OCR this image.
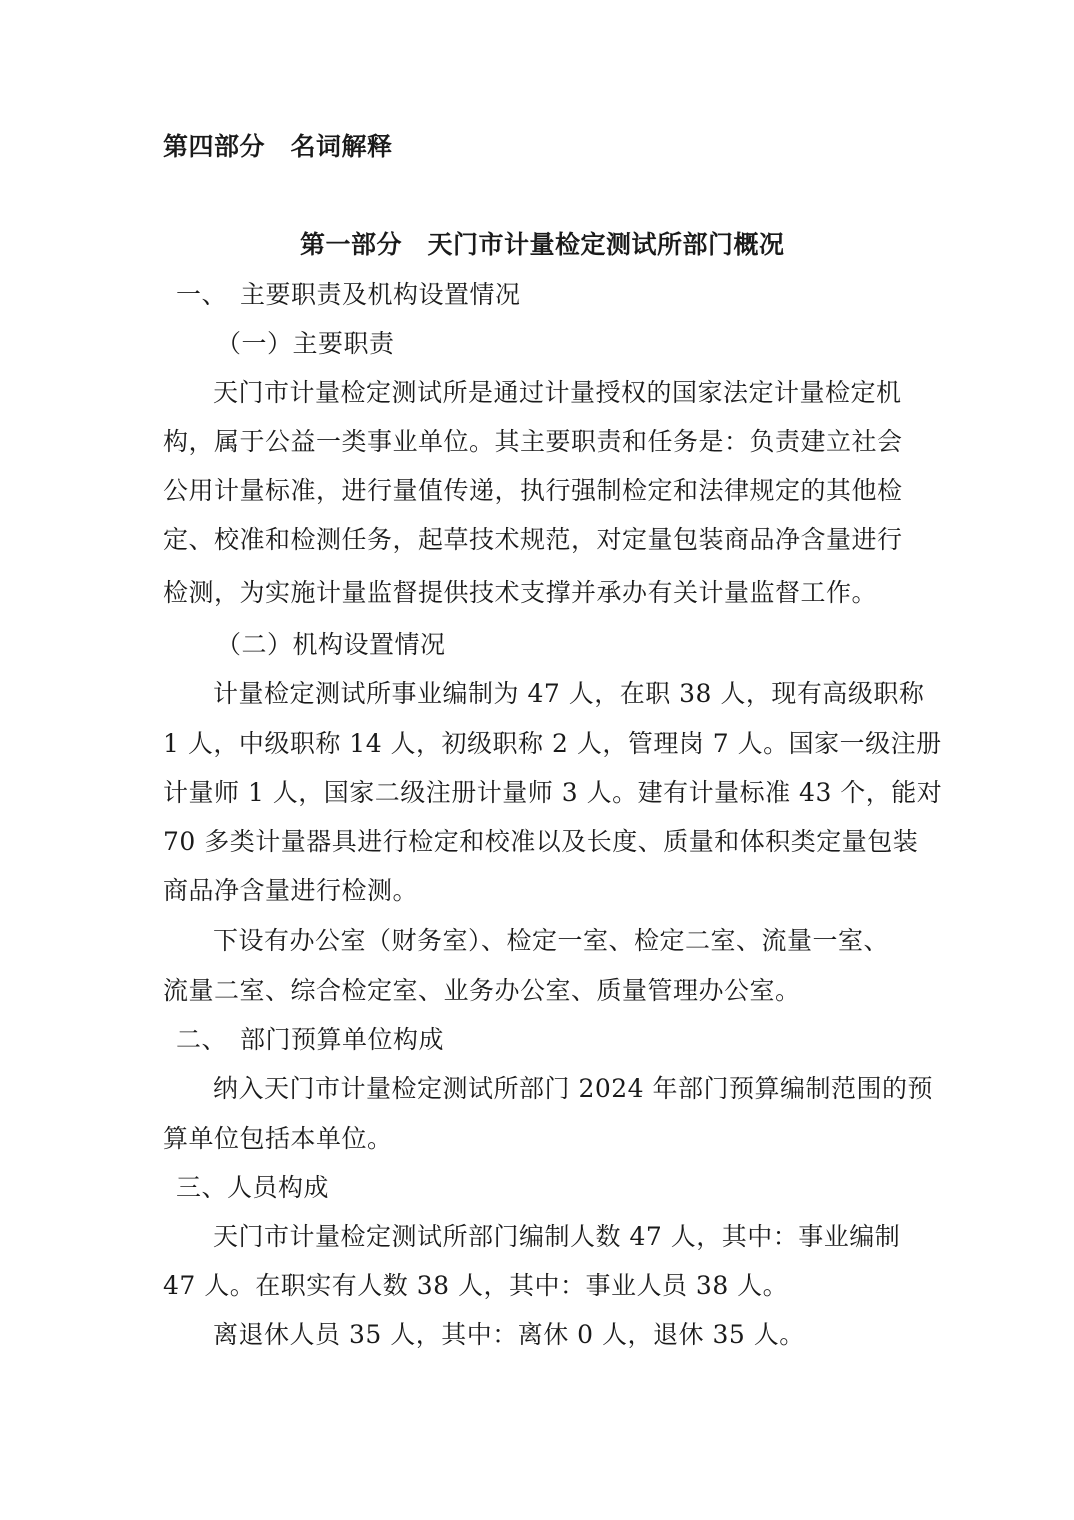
第四部分　名词解释
第一部分　天门市计量检定测试所部门概况
一、　主要职责及机构设置情况
（一）主要职责
天门市计量检定测试所是通过计量授权的国家法定计量检定机
构，属于公益一类事业单位。其主要职责和任务是：负责建立社会
公用计量标准，进行量值传递，执行强制检定和法律规定的其他检
定、校准和检测任务，起草技术规范，对定量包装商品净含量进行
检测，为实施计量监督提供技术支撑并承办有关计量监督工作。
（二）机构设置情况
计量检定测试所事业编制为 47 人，在职 38 人，现有高级职称
1 人，中级职称 14 人，初级职称 2 人，管理岗 7 人。国家一级注册
计量师 1 人，国家二级注册计量师 3 人。建有计量标准 43 个，能对
70 多类计量器具进行检定和校准以及长度、质量和体积类定量包装
商品净含量进行检测。
下设有办公室（财务室）、检定一室、检定二室、流量一室、
流量二室、综合检定室、业务办公室、质量管理办公室。
二、　部门预算单位构成
纳入天门市计量检定测试所部门 2024 年部门预算编制范围的预
算单位包括本单位。
三、人员构成
天门市计量检定测试所部门编制人数 47 人，其中：事业编制
47 人。在职实有人数 38 人，其中：事业人员 38 人。
离退休人员 35 人，其中：离休 0 人，退休 35 人。
